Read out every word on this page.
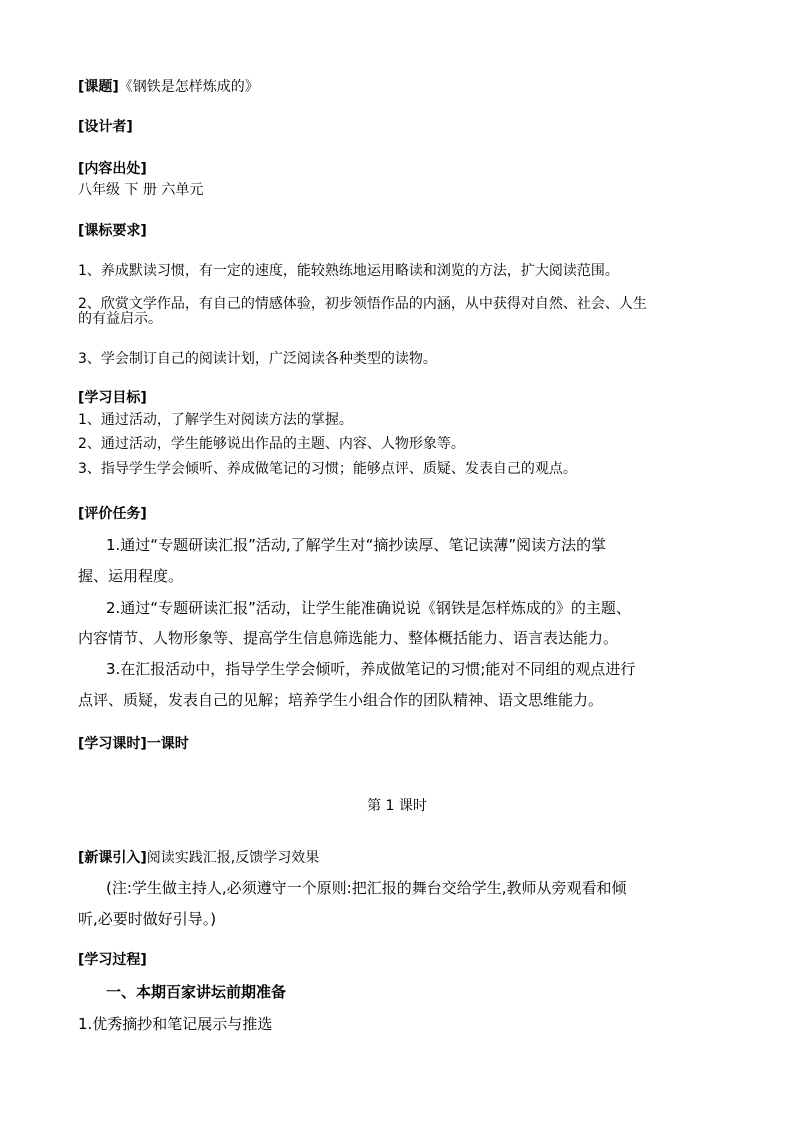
[课题]《钢铁是怎样炼成的》
[设计者]
[内容出处]
八年级 下 册 六单元
[课标要求]
1、养成默读习惯，有一定的速度，能较熟练地运用略读和浏览的方法，扩大阅读范围。
2、欣赏文学作品，有自己的情感体验，初步领悟作品的内涵，从中获得对自然、社会、人生
的有益启示。
3、学会制订自己的阅读计划，广泛阅读各种类型的读物。
[学习目标]
1、通过活动，了解学生对阅读方法的掌握。
2、通过活动，学生能够说出作品的主题、内容、人物形象等。
3、指导学生学会倾听、养成做笔记的习惯；能够点评、质疑、发表自己的观点。
[评价任务]
1.通过“专题研读汇报”活动,了解学生对“摘抄读厚、笔记读薄”阅读方法的掌
握、运用程度。
2.通过“专题研读汇报”活动，让学生能准确说说《钢铁是怎样炼成的》的主题、
内容情节、人物形象等、提高学生信息筛选能力、整体概括能力、语言表达能力。
3.在汇报活动中，指导学生学会倾听，养成做笔记的习惯;能对不同组的观点进行
点评、质疑，发表自己的见解；培养学生小组合作的团队精神、语文思维能力。
[学习课时]一课时
第 1 课时
[新课引入]阅读实践汇报,反馈学习效果
(注:学生做主持人,必须遵守一个原则:把汇报的舞台交给学生,教师从旁观看和倾
听,必要时做好引导。)
[学习过程]
一、本期百家讲坛前期准备
1.优秀摘抄和笔记展示与推选
